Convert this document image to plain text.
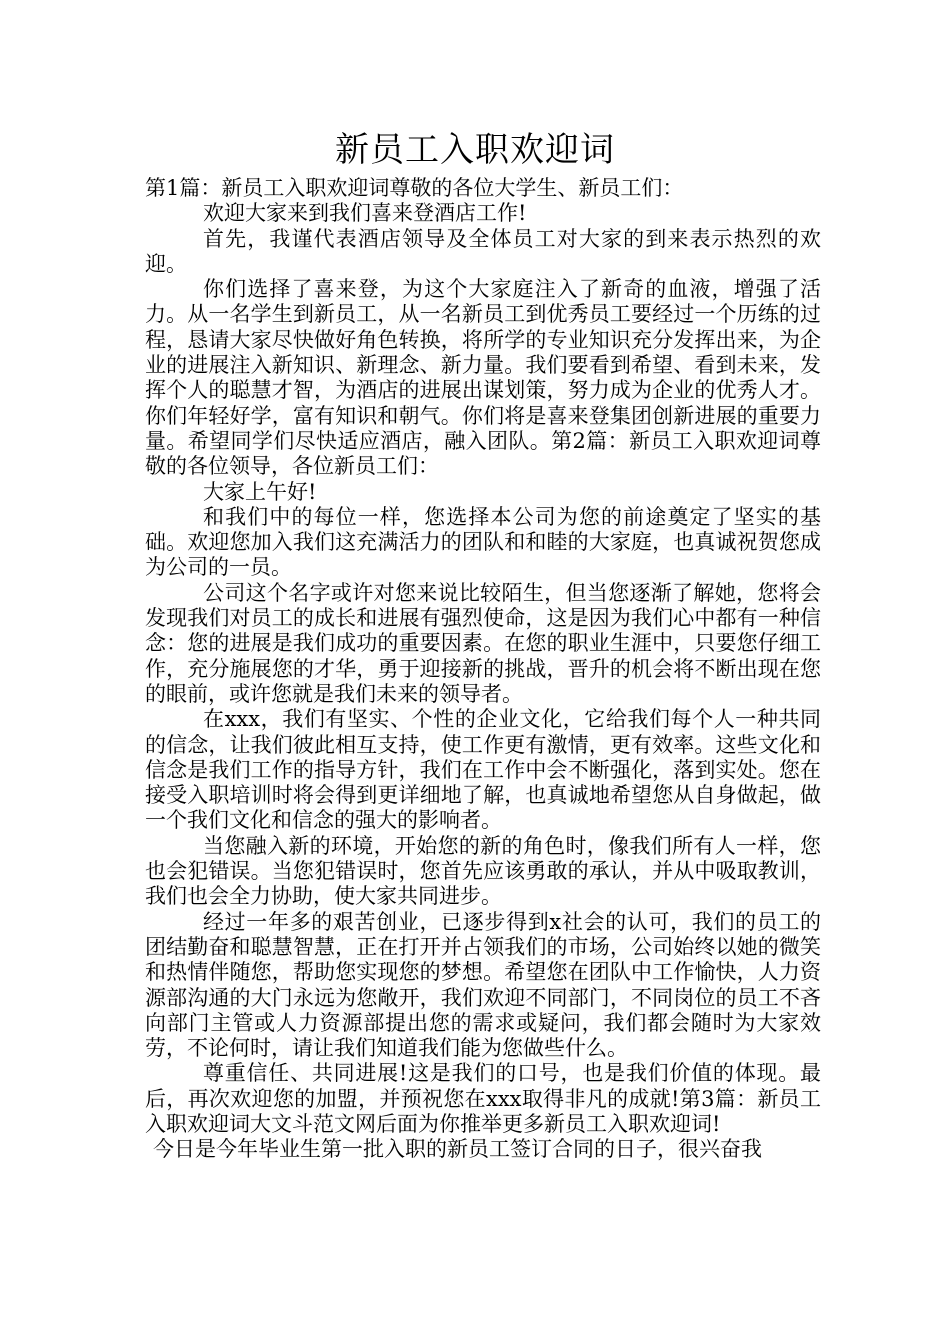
新员工入职欢迎词

第1篇：新员工入职欢迎词尊敬的各位大学生、新员工们：

欢迎大家来到我们喜来登酒店工作!

首先，我谨代表酒店领导及全体员工对大家的到来表示热烈的欢迎。

你们选择了喜来登，为这个大家庭注入了新奇的血液，增强了活力。从一名学生到新员工，从一名新员工到优秀员工要经过一个历练的过程，恳请大家尽快做好角色转换，将所学的专业知识充分发挥出来，为企业的进展注入新知识、新理念、新力量。我们要看到希望、看到未来，发挥个人的聪慧才智，为酒店的进展出谋划策，努力成为企业的优秀人才。你们年轻好学，富有知识和朝气。你们将是喜来登集团创新进展的重要力量。希望同学们尽快适应酒店，融入团队。第2篇：新员工入职欢迎词尊敬的各位领导，各位新员工们：

大家上午好!

和我们中的每位一样，您选择本公司为您的前途奠定了坚实的基础。欢迎您加入我们这充满活力的团队和和睦的大家庭，也真诚祝贺您成为公司的一员。

公司这个名字或许对您来说比较陌生，但当您逐渐了解她，您将会发现我们对员工的成长和进展有强烈使命，这是因为我们心中都有一种信念：您的进展是我们成功的重要因素。在您的职业生涯中，只要您仔细工作，充分施展您的才华，勇于迎接新的挑战，晋升的机会将不断出现在您的眼前，或许您就是我们未来的领导者。

在xxx，我们有坚实、个性的企业文化，它给我们每个人一种共同的信念，让我们彼此相互支持，使工作更有激情，更有效率。这些文化和信念是我们工作的指导方针，我们在工作中会不断强化，落到实处。您在接受入职培训时将会得到更详细地了解，也真诚地希望您从自身做起，做一个我们文化和信念的强大的影响者。

当您融入新的环境，开始您的新的角色时，像我们所有人一样，您也会犯错误。当您犯错误时，您首先应该勇敢的承认，并从中吸取教训，我们也会全力协助，使大家共同进步。

经过一年多的艰苦创业，已逐步得到x社会的认可，我们的员工的团结勤奋和聪慧智慧，正在打开并占领我们的市场，公司始终以她的微笑和热情伴随您，帮助您实现您的梦想。希望您在团队中工作愉快，人力资源部沟通的大门永远为您敞开，我们欢迎不同部门，不同岗位的员工不吝向部门主管或人力资源部提出您的需求或疑问，我们都会随时为大家效劳，不论何时，请让我们知道我们能为您做些什么。

尊重信任、共同进展!这是我们的口号，也是我们价值的体现。最后，再次欢迎您的加盟，并预祝您在xxx取得非凡的成就!第3篇：新员工入职欢迎词大文斗范文网后面为你推举更多新员工入职欢迎词!

今日是今年毕业生第一批入职的新员工签订合同的日子，很兴奋我
